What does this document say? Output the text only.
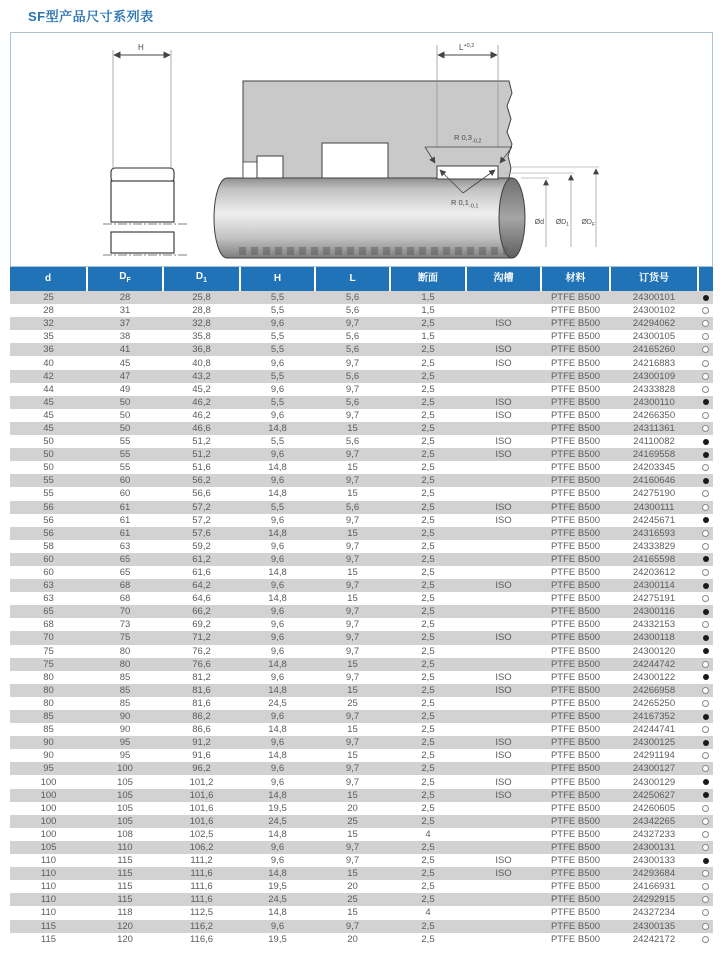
SF型产品尺寸系列表
H	$L^{+0,2}$
R $0,3_{-0,2}$
R $0,1_{-0,1}$
Ød $ØD_1$ $ØD_F$
d	$D_F$	$D_1$	H	L	断面	沟槽	材料	订货号	
25	28	25,8	5,5	5,6	1,5		PTFE B500	24300101	
28	31	28,8	5,5	5,6	1,5		PTFE B500	24300102	
32	37	32,8	9,6	9,7	2,5	ISO	PTFE B500	24294062	
35	38	35,8	5,5	5,6	1,5		PTFE B500	24300105	
36	41	36,8	5,5	5,6	2,5	ISO	PTFE B500	24165260	
40	45	40,8	9,6	9,7	2,5	ISO	PTFE B500	24216883	
42	47	43,2	5,5	5,6	2,5		PTFE B500	24300109	
44	49	45,2	9,6	9,7	2,5		PTFE B500	24333828	
45	50	46,2	5,5	5,6	2,5	ISO	PTFE B500	24300110	
45	50	46,2	9,6	9,7	2,5	ISO	PTFE B500	24266350	
45	50	46,6	14,8	15	2,5		PTFE B500	24311361	
50	55	51,2	5,5	5,6	2,5	ISO	PTFE B500	24110082	
50	55	51,2	9,6	9,7	2,5	ISO	PTFE B500	24169558	
50	55	51,6	14,8	15	2,5		PTFE B500	24203345	
55	60	56,2	9,6	9,7	2,5		PTFE B500	24160646	
55	60	56,6	14,8	15	2,5		PTFE B500	24275190	
56	61	57,2	5,5	5,6	2,5	ISO	PTFE B500	24300111	
56	61	57,2	9,6	9,7	2,5	ISO	PTFE B500	24245671	
56	61	57,6	14,8	15	2,5		PTFE B500	24316593	
58	63	59,2	9,6	9,7	2,5		PTFE B500	24333829	
60	65	61,2	9,6	9,7	2,5		PTFE B500	24165598	
60	65	61,6	14,8	15	2,5		PTFE B500	24203612	
63	68	64,2	9,6	9,7	2,5	ISO	PTFE B500	24300114	
63	68	64,6	14,8	15	2,5		PTFE B500	24275191	
65	70	66,2	9,6	9,7	2,5		PTFE B500	24300116	
68	73	69,2	9,6	9,7	2,5		PTFE B500	24332153	
70	75	71,2	9,6	9,7	2,5	ISO	PTFE B500	24300118	
75	80	76,2	9,6	9,7	2,5		PTFE B500	24300120	
75	80	76,6	14,8	15	2,5		PTFE B500	24244742	
80	85	81,2	9,6	9,7	2,5	ISO	PTFE B500	24300122	
80	85	81,6	14,8	15	2,5	ISO	PTFE B500	24266958	
80	85	81,6	24,5	25	2,5		PTFE B500	24265250	
85	90	86,2	9,6	9,7	2,5		PTFE B500	24167352	
85	90	86,6	14,8	15	2,5		PTFE B500	24244741	
90	95	91,2	9,6	9,7	2,5	ISO	PTFE B500	24300125	
90	95	91,6	14,8	15	2,5	ISO	PTFE B500	24291194	
95	100	96,2	9,6	9,7	2,5		PTFE B500	24300127	
100	105	101,2	9,6	9,7	2,5	ISO	PTFE B500	24300129	
100	105	101,6	14,8	15	2,5	ISO	PTFE B500	24250627	
100	105	101,6	19,5	20	2,5		PTFE B500	24260605	
100	105	101,6	24,5	25	2,5		PTFE B500	24342265	
100	108	102,5	14,8	15	4		PTFE B500	24327233	
105	110	106,2	9,6	9,7	2,5		PTFE B500	24300131	
110	115	111,2	9,6	9,7	2,5	ISO	PTFE B500	24300133	
110	115	111,6	14,8	15	2,5	ISO	PTFE B500	24293684	
110	115	111,6	19,5	20	2,5		PTFE B500	24166931	
110	115	111,6	24,5	25	2,5		PTFE B500	24292915	
110	118	112,5	14,8	15	4		PTFE B500	24327234	
115	120	116,2	9,6	9,7	2,5		PTFE B500	24300135	
115	120	116,6	19,5	20	2,5		PTFE B500	24242172	
